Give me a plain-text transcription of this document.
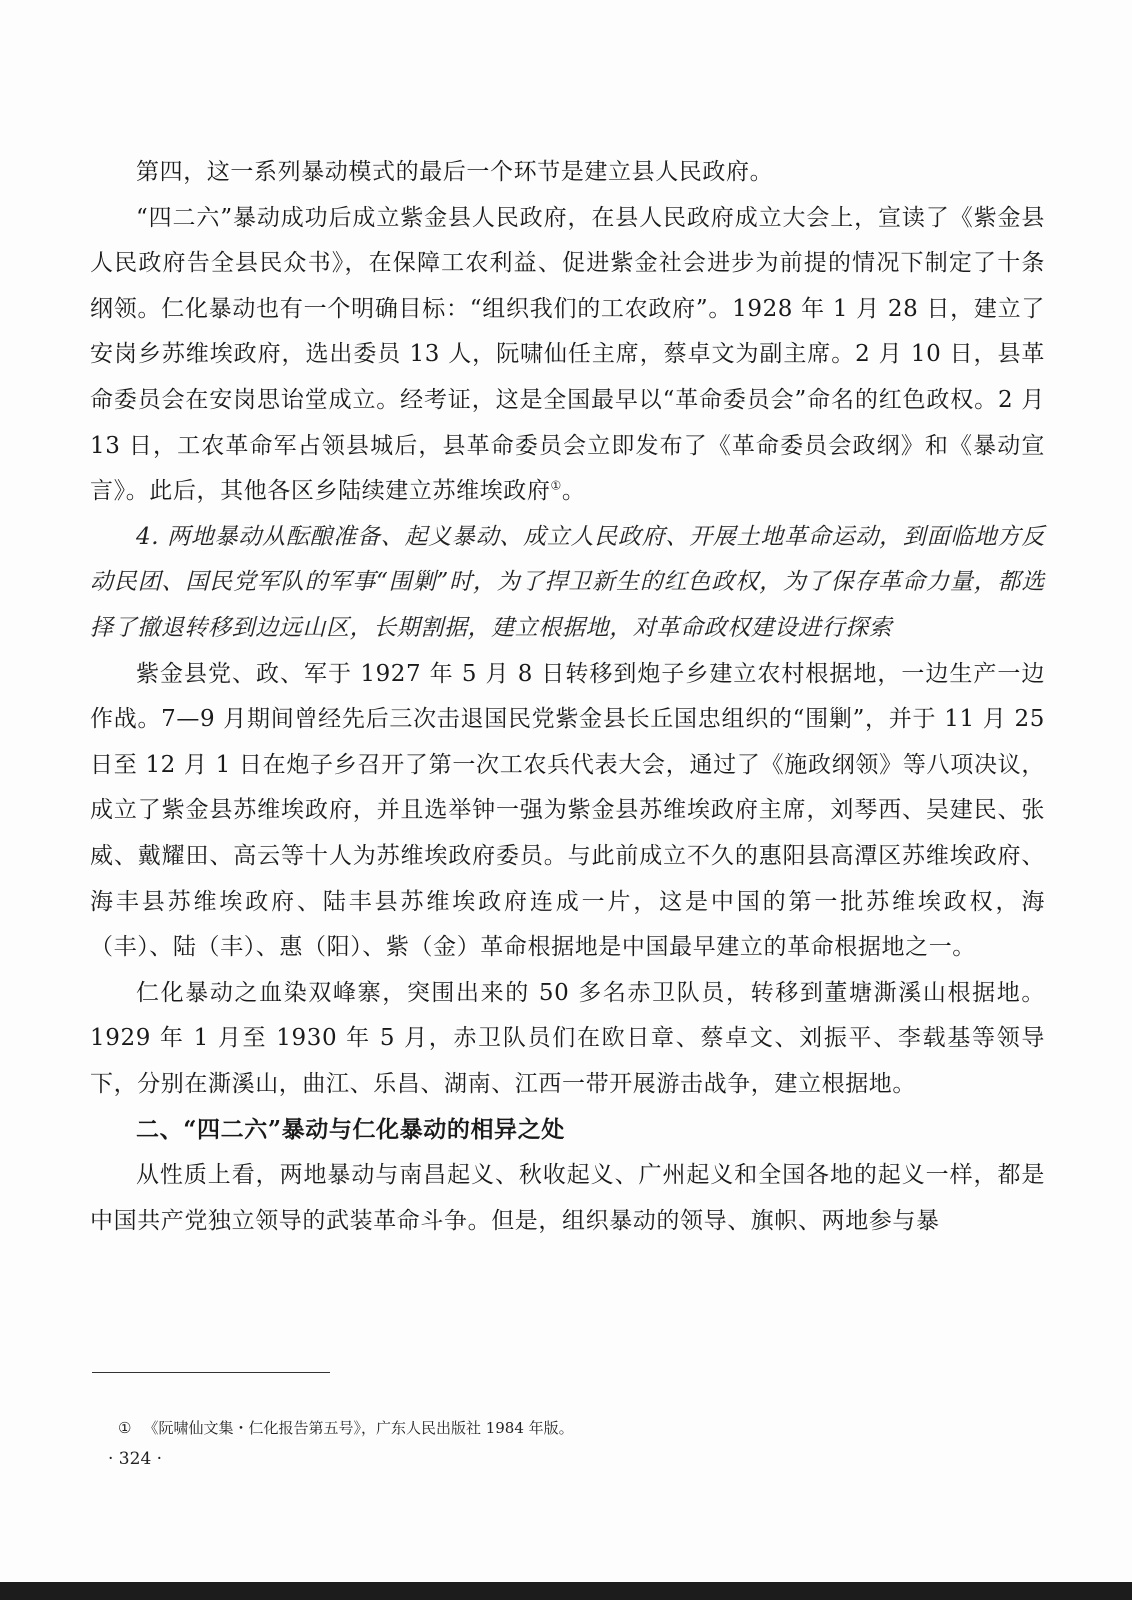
第四，这一系列暴动模式的最后一个环节是建立县人民政府。

“四二六”暴动成功后成立紫金县人民政府，在县人民政府成立大会上，宣读了《紫金县人民政府告全县民众书》，在保障工农利益、促进紫金社会进步为前提的情况下制定了十条纲领。仁化暴动也有一个明确目标：“组织我们的工农政府”。1928 年 1 月 28 日，建立了安岗乡苏维埃政府，选出委员 13 人，阮啸仙任主席，蔡卓文为副主席。2 月 10 日，县革命委员会在安岗思诒堂成立。经考证，这是全国最早以“革命委员会”命名的红色政权。2 月 13 日，工农革命军占领县城后，县革命委员会立即发布了《革命委员会政纲》和《暴动宣言》。此后，其他各区乡陆续建立苏维埃政府①。

4. 两地暴动从酝酿准备、起义暴动、成立人民政府、开展土地革命运动，到面临地方反动民团、国民党军队的军事“围剿”时，为了捍卫新生的红色政权，为了保存革命力量，都选择了撤退转移到边远山区，长期割据，建立根据地，对革命政权建设进行探索

紫金县党、政、军于 1927 年 5 月 8 日转移到炮子乡建立农村根据地，一边生产一边作战。7—9 月期间曾经先后三次击退国民党紫金县长丘国忠组织的“围剿”，并于 11 月 25 日至 12 月 1 日在炮子乡召开了第一次工农兵代表大会，通过了《施政纲领》等八项决议，成立了紫金县苏维埃政府，并且选举钟一强为紫金县苏维埃政府主席，刘琴西、吴建民、张威、戴耀田、高云等十人为苏维埃政府委员。与此前成立不久的惠阳县高潭区苏维埃政府、海丰县苏维埃政府、陆丰县苏维埃政府连成一片，这是中国的第一批苏维埃政权，海（丰）、陆（丰）、惠（阳）、紫（金）革命根据地是中国最早建立的革命根据地之一。

仁化暴动之血染双峰寨，突围出来的 50 多名赤卫队员，转移到董塘澌溪山根据地。1929 年 1 月至 1930 年 5 月，赤卫队员们在欧日章、蔡卓文、刘振平、李载基等领导下，分别在澌溪山，曲江、乐昌、湖南、江西一带开展游击战争，建立根据地。

二、“四二六”暴动与仁化暴动的相异之处

从性质上看，两地暴动与南昌起义、秋收起义、广州起义和全国各地的起义一样，都是中国共产党独立领导的武装革命斗争。但是，组织暴动的领导、旗帜、两地参与暴

① 《阮啸仙文集・仁化报告第五号》，广东人民出版社 1984 年版。
· 324 ·
